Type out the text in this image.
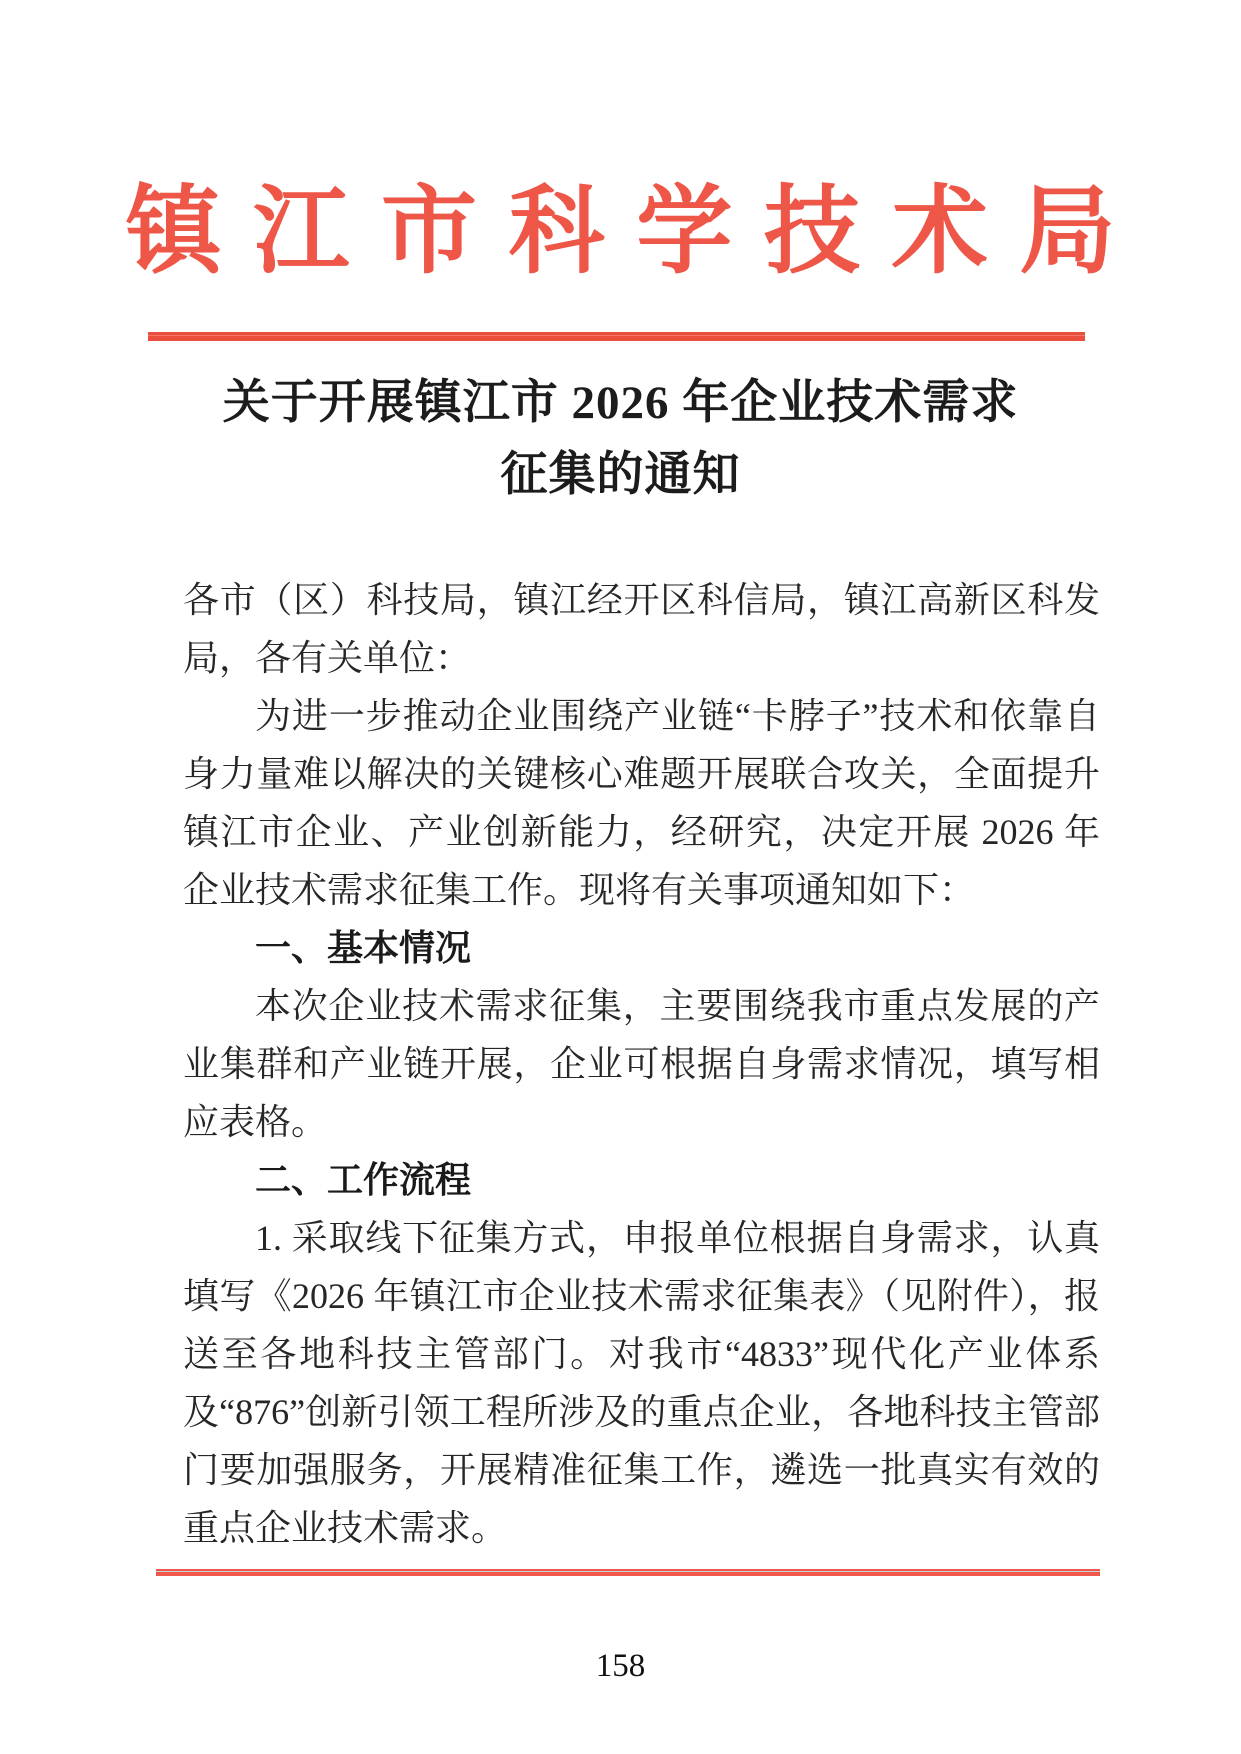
镇江市科学技术局
关于开展镇江市 2026 年企业技术需求
征集的通知

各市（区）科技局，镇江经开区科信局，镇江高新区科发局，各有关单位：

为进一步推动企业围绕产业链“卡脖子”技术和依靠自身力量难以解决的关键核心难题开展联合攻关，全面提升镇江市企业、产业创新能力，经研究，决定开展 2026 年企业技术需求征集工作。现将有关事项通知如下：

一、基本情况

本次企业技术需求征集，主要围绕我市重点发展的产业集群和产业链开展，企业可根据自身需求情况，填写相应表格。

二、工作流程

1. 采取线下征集方式，申报单位根据自身需求，认真填写《2026 年镇江市企业技术需求征集表》（见附件），报送至各地科技主管部门。对我市“4833”现代化产业体系及“876”创新引领工程所涉及的重点企业，各地科技主管部门要加强服务，开展精准征集工作，遴选一批真实有效的重点企业技术需求。

158
